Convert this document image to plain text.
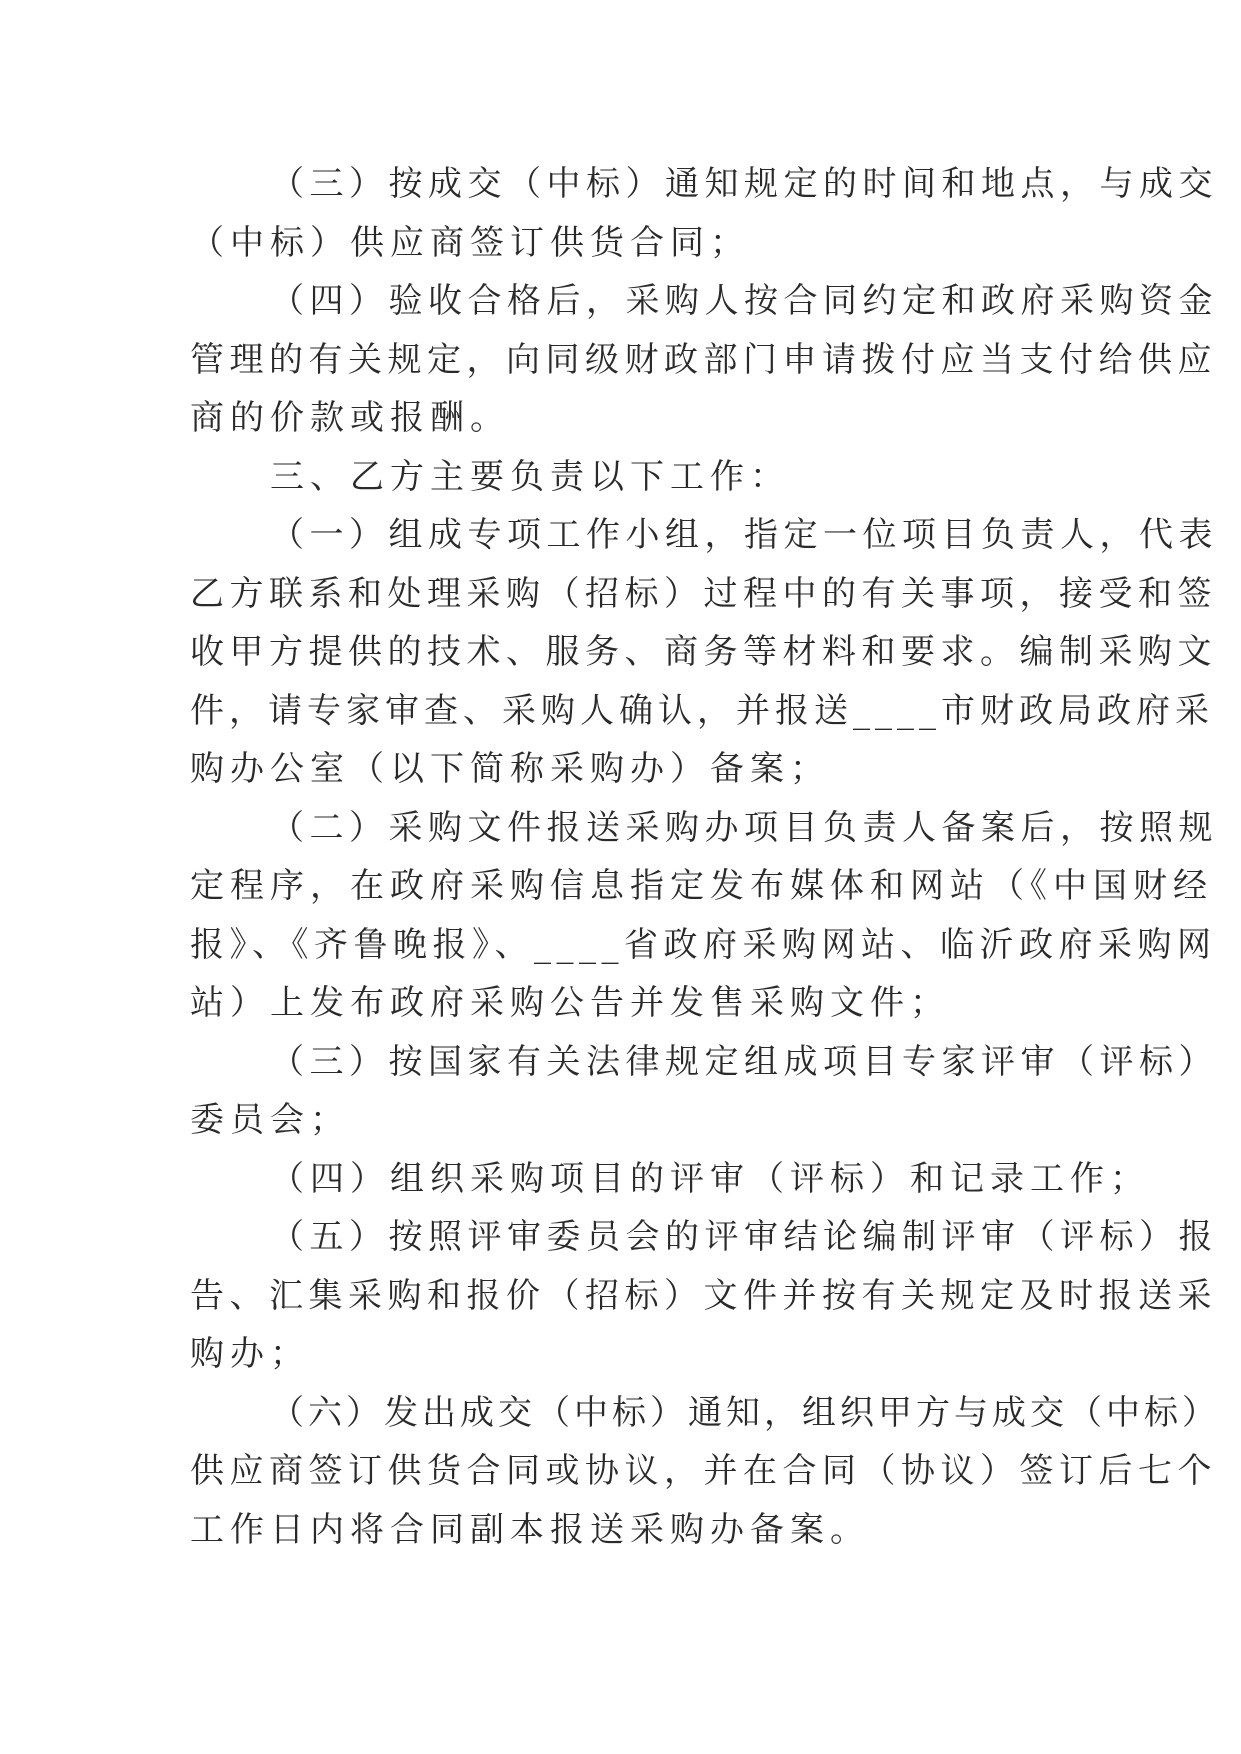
（三）按成交（中标）通知规定的时间和地点，与成交
（中标）供应商签订供货合同；
（四）验收合格后，采购人按合同约定和政府采购资金
管理的有关规定，向同级财政部门申请拨付应当支付给供应
商的价款或报酬。
三、乙方主要负责以下工作：
（一）组成专项工作小组，指定一位项目负责人，代表
乙方联系和处理采购（招标）过程中的有关事项，接受和签
收甲方提供的技术、服务、商务等材料和要求。编制采购文
件，请专家审查、采购人确认，并报送____市财政局政府采
购办公室（以下简称采购办）备案；
（二）采购文件报送采购办项目负责人备案后，按照规
定程序，在政府采购信息指定发布媒体和网站（《中国财经
报》、《齐鲁晚报》、____省政府采购网站、临沂政府采购网
站）上发布政府采购公告并发售采购文件；
（三）按国家有关法律规定组成项目专家评审（评标）
委员会；
（四）组织采购项目的评审（评标）和记录工作；
（五）按照评审委员会的评审结论编制评审（评标）报
告、汇集采购和报价（招标）文件并按有关规定及时报送采
购办；
（六）发出成交（中标）通知，组织甲方与成交（中标）
供应商签订供货合同或协议，并在合同（协议）签订后七个
工作日内将合同副本报送采购办备案。
